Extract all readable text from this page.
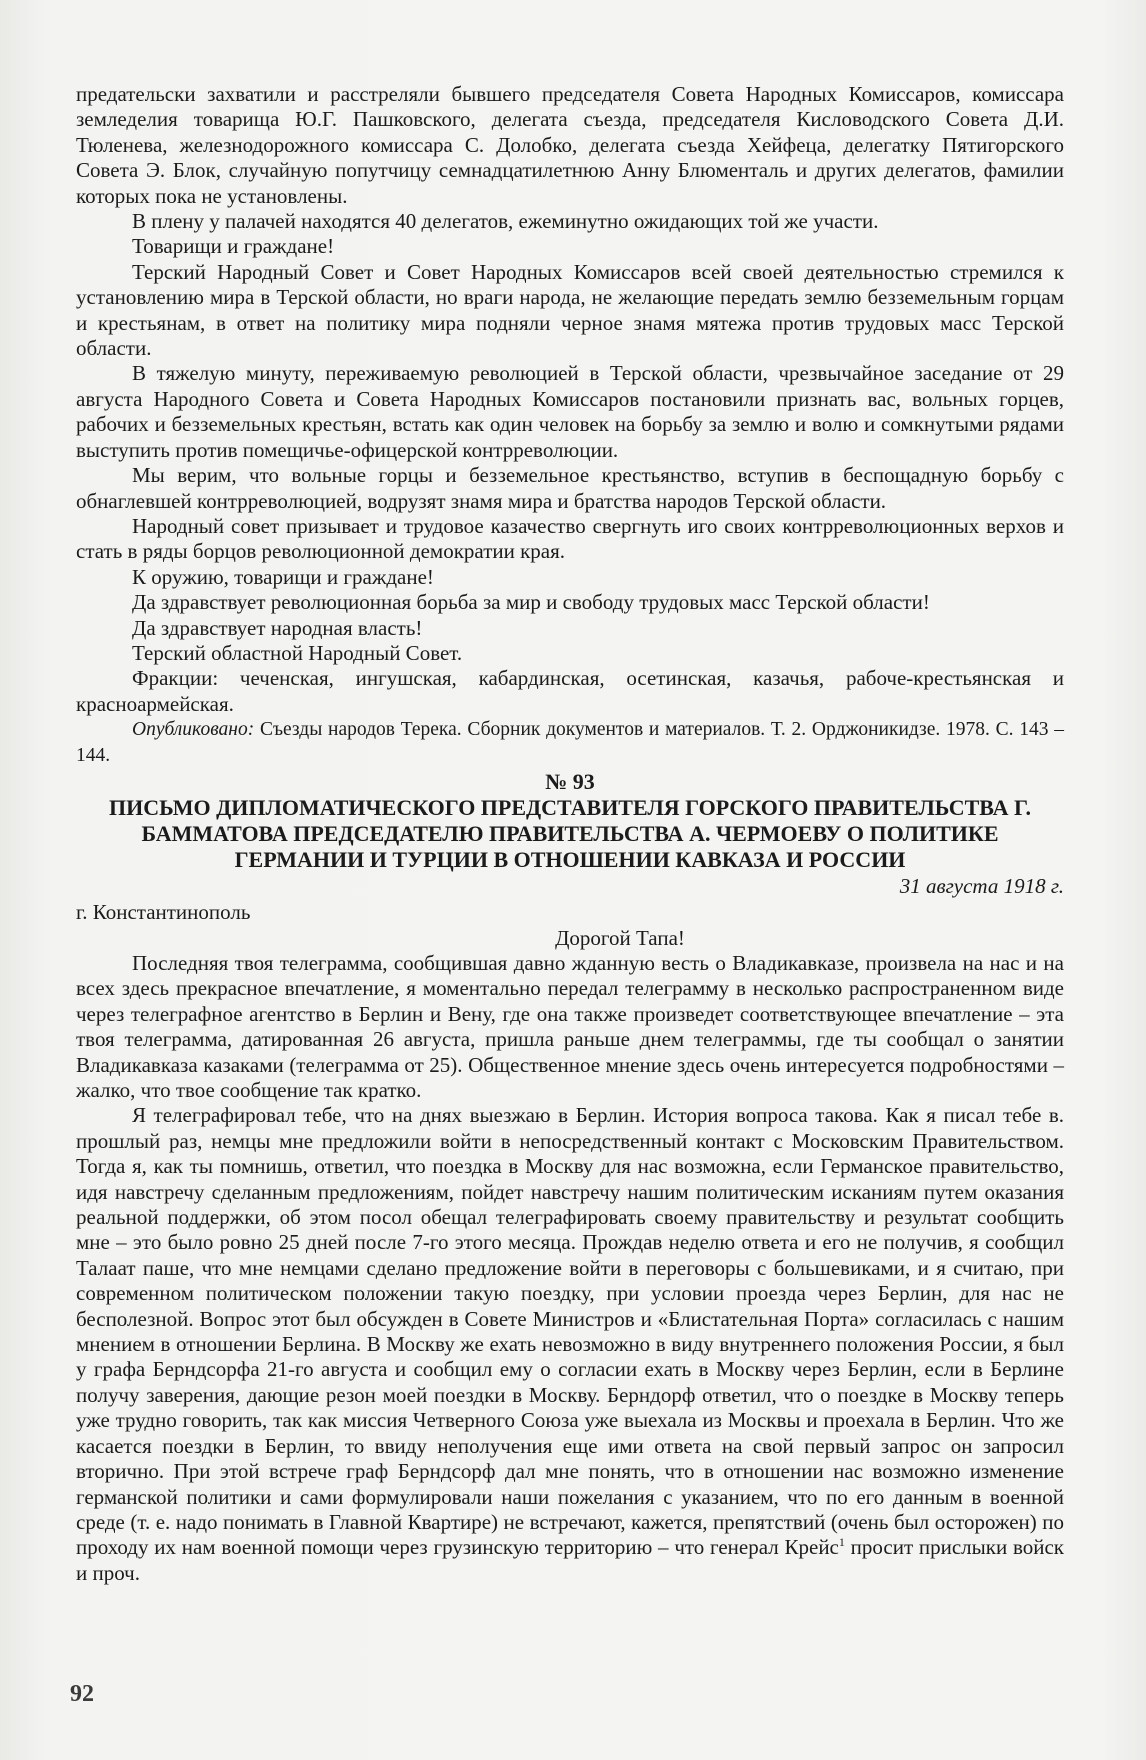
предательски захватили и расстреляли бывшего председателя Совета Народных Комиссаров, комиссара земледелия товарища Ю.Г. Пашковского, делегата съезда, председателя Кисловодского Совета Д.И. Тюленева, железнодорожного комиссара С. Долобко, делегата съезда Хейфеца, делегатку Пятигорского Совета Э. Блок, случайную попутчицу семнадцатилетнюю Анну Блюменталь и других делегатов, фамилии которых пока не установлены.

В плену у палачей находятся 40 делегатов, ежеминутно ожидающих той же участи.

Товарищи и граждане!

Терский Народный Совет и Совет Народных Комиссаров всей своей деятельностью стремился к установлению мира в Терской области, но враги народа, не желающие передать землю безземельным горцам и крестьянам, в ответ на политику мира подняли черное знамя мятежа против трудовых масс Терской области.

В тяжелую минуту, переживаемую революцией в Терской области, чрезвычайное заседание от 29 августа Народного Совета и Совета Народных Комиссаров постановили признать вас, вольных горцев, рабочих и безземельных крестьян, встать как один человек на борьбу за землю и волю и сомкнутыми рядами выступить против помещичье-офицерской контрреволюции.

Мы верим, что вольные горцы и безземельное крестьянство, вступив в беспощадную борьбу с обнаглевшей контрреволюцией, водрузят знамя мира и братства народов Терской области.

Народный совет призывает и трудовое казачество свергнуть иго своих контрреволюционных верхов и стать в ряды борцов революционной демократии края.

К оружию, товарищи и граждане!

Да здравствует революционная борьба за мир и свободу трудовых масс Терской области!

Да здравствует народная власть!

Терский областной Народный Совет.

Фракции: чеченская, ингушская, кабардинская, осетинская, казачья, рабоче-крестьянская и красноармейская.

Опубликовано: Съезды народов Терека. Сборник документов и материалов. Т. 2. Орджоникидзе. 1978. С. 143 – 144.

№ 93

ПИСЬМО ДИПЛОМАТИЧЕСКОГО ПРЕДСТАВИТЕЛЯ ГОРСКОГО ПРАВИТЕЛЬСТВА Г. БАММАТОВА ПРЕДСЕДАТЕЛЮ ПРАВИТЕЛЬСТВА А. ЧЕРМОЕВУ О ПОЛИТИКЕ ГЕРМАНИИ И ТУРЦИИ В ОТНОШЕНИИ КАВКАЗА И РОССИИ

31 августа 1918 г.

г. Константинополь

Дорогой Тапа!

Последняя твоя телеграмма, сообщившая давно жданную весть о Владикавказе, произвела на нас и на всех здесь прекрасное впечатление, я моментально передал телеграмму в несколько распространенном виде через телеграфное агентство в Берлин и Вену, где она также произведет соответствующее впечатление – эта твоя телеграмма, датированная 26 августа, пришла раньше днем телеграммы, где ты сообщал о занятии Владикавказа казаками (телеграмма от 25). Общественное мнение здесь очень интересуется подробностями – жалко, что твое сообщение так кратко.

Я телеграфировал тебе, что на днях выезжаю в Берлин. История вопроса такова. Как я писал тебе в. прошлый раз, немцы мне предложили войти в непосредственный контакт с Московским Правительством. Тогда я, как ты помнишь, ответил, что поездка в Москву для нас возможна, если Германское правительство, идя навстречу сделанным предложениям, пойдет навстречу нашим политическим исканиям путем оказания реальной поддержки, об этом посол обещал телеграфировать своему правительству и результат сообщить мне – это было ровно 25 дней после 7-го этого месяца. Прождав неделю ответа и его не получив, я сообщил Талаат паше, что мне немцами сделано предложение войти в переговоры с большевиками, и я считаю, при современном политическом положении такую поездку, при условии проезда через Берлин, для нас не бесполезной. Вопрос этот был обсужден в Совете Министров и «Блистательная Порта» согласилась с нашим мнением в отношении Берлина. В Москву же ехать невозможно в виду внутреннего положения России, я был у графа Берндсорфа 21-го августа и сообщил ему о согласии ехать в Москву через Берлин, если в Берлине получу заверения, дающие резон моей поездки в Москву. Берндорф ответил, что о поездке в Москву теперь уже трудно говорить, так как миссия Четверного Союза уже выехала из Москвы и проехала в Берлин. Что же касается поездки в Берлин, то ввиду неполучения еще ими ответа на свой первый запрос он запросил вторично. При этой встрече граф Берндсорф дал мне понять, что в отношении нас возможно изменение германской политики и сами формулировали наши пожелания с указанием, что по его данным в военной среде (т. е. надо понимать в Главной Квартире) не встречают, кажется, препятствий (очень был осторожен) по проходу их нам военной помощи через грузинскую территорию – что генерал Крейс$^1$ просит прислыки войск и проч.

92
